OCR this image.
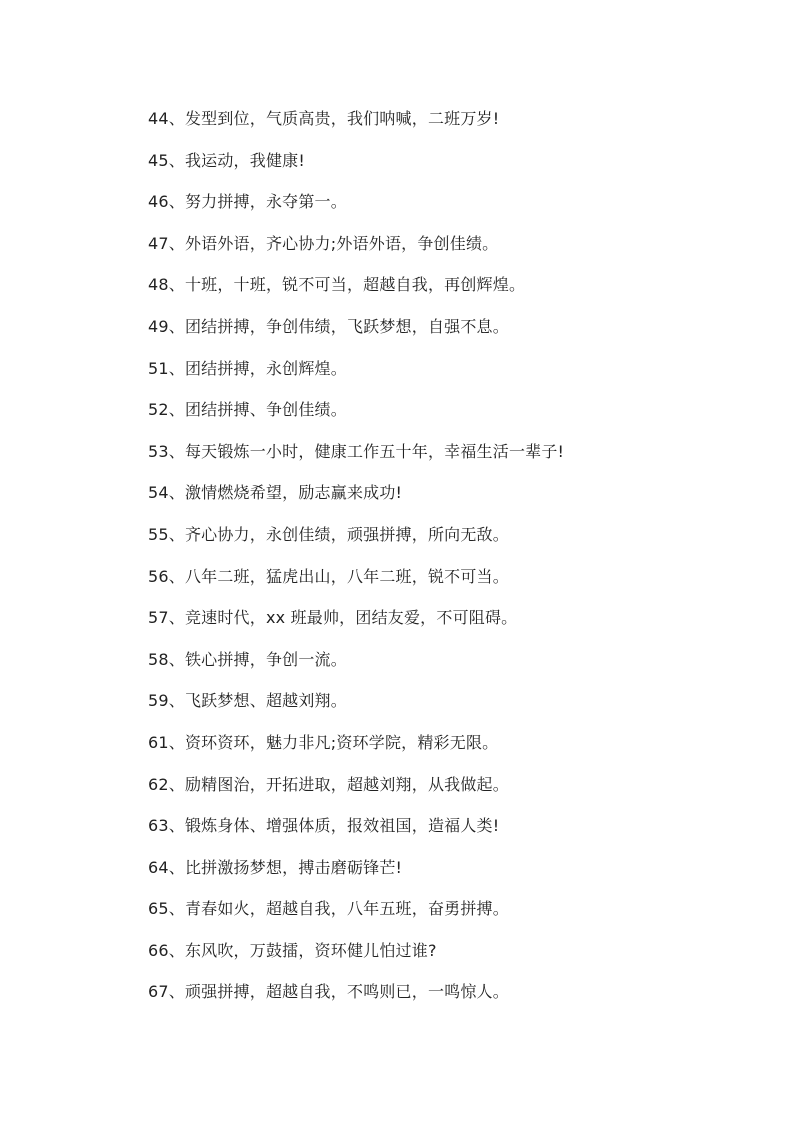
44、发型到位，气质高贵，我们呐喊，二班万岁!
45、我运动，我健康!
46、努力拼搏，永夺第一。
47、外语外语，齐心协力;外语外语，争创佳绩。
48、十班，十班，锐不可当，超越自我，再创辉煌。
49、团结拼搏，争创伟绩，飞跃梦想，自强不息。
51、团结拼搏，永创辉煌。
52、团结拼搏、争创佳绩。
53、每天锻炼一小时，健康工作五十年，幸福生活一辈子!
54、激情燃烧希望，励志赢来成功!
55、齐心协力，永创佳绩，顽强拼搏，所向无敌。
56、八年二班，猛虎出山，八年二班，锐不可当。
57、竞速时代，xx 班最帅，团结友爱，不可阻碍。
58、铁心拼搏，争创一流。
59、飞跃梦想、超越刘翔。
61、资环资环，魅力非凡;资环学院，精彩无限。
62、励精图治，开拓进取，超越刘翔，从我做起。
63、锻炼身体、增强体质，报效祖国，造福人类!
64、比拼激扬梦想，搏击磨砺锋芒!
65、青春如火，超越自我，八年五班，奋勇拼搏。
66、东风吹，万鼓擂，资环健儿怕过谁?
67、顽强拼搏，超越自我，不鸣则已，一鸣惊人。
